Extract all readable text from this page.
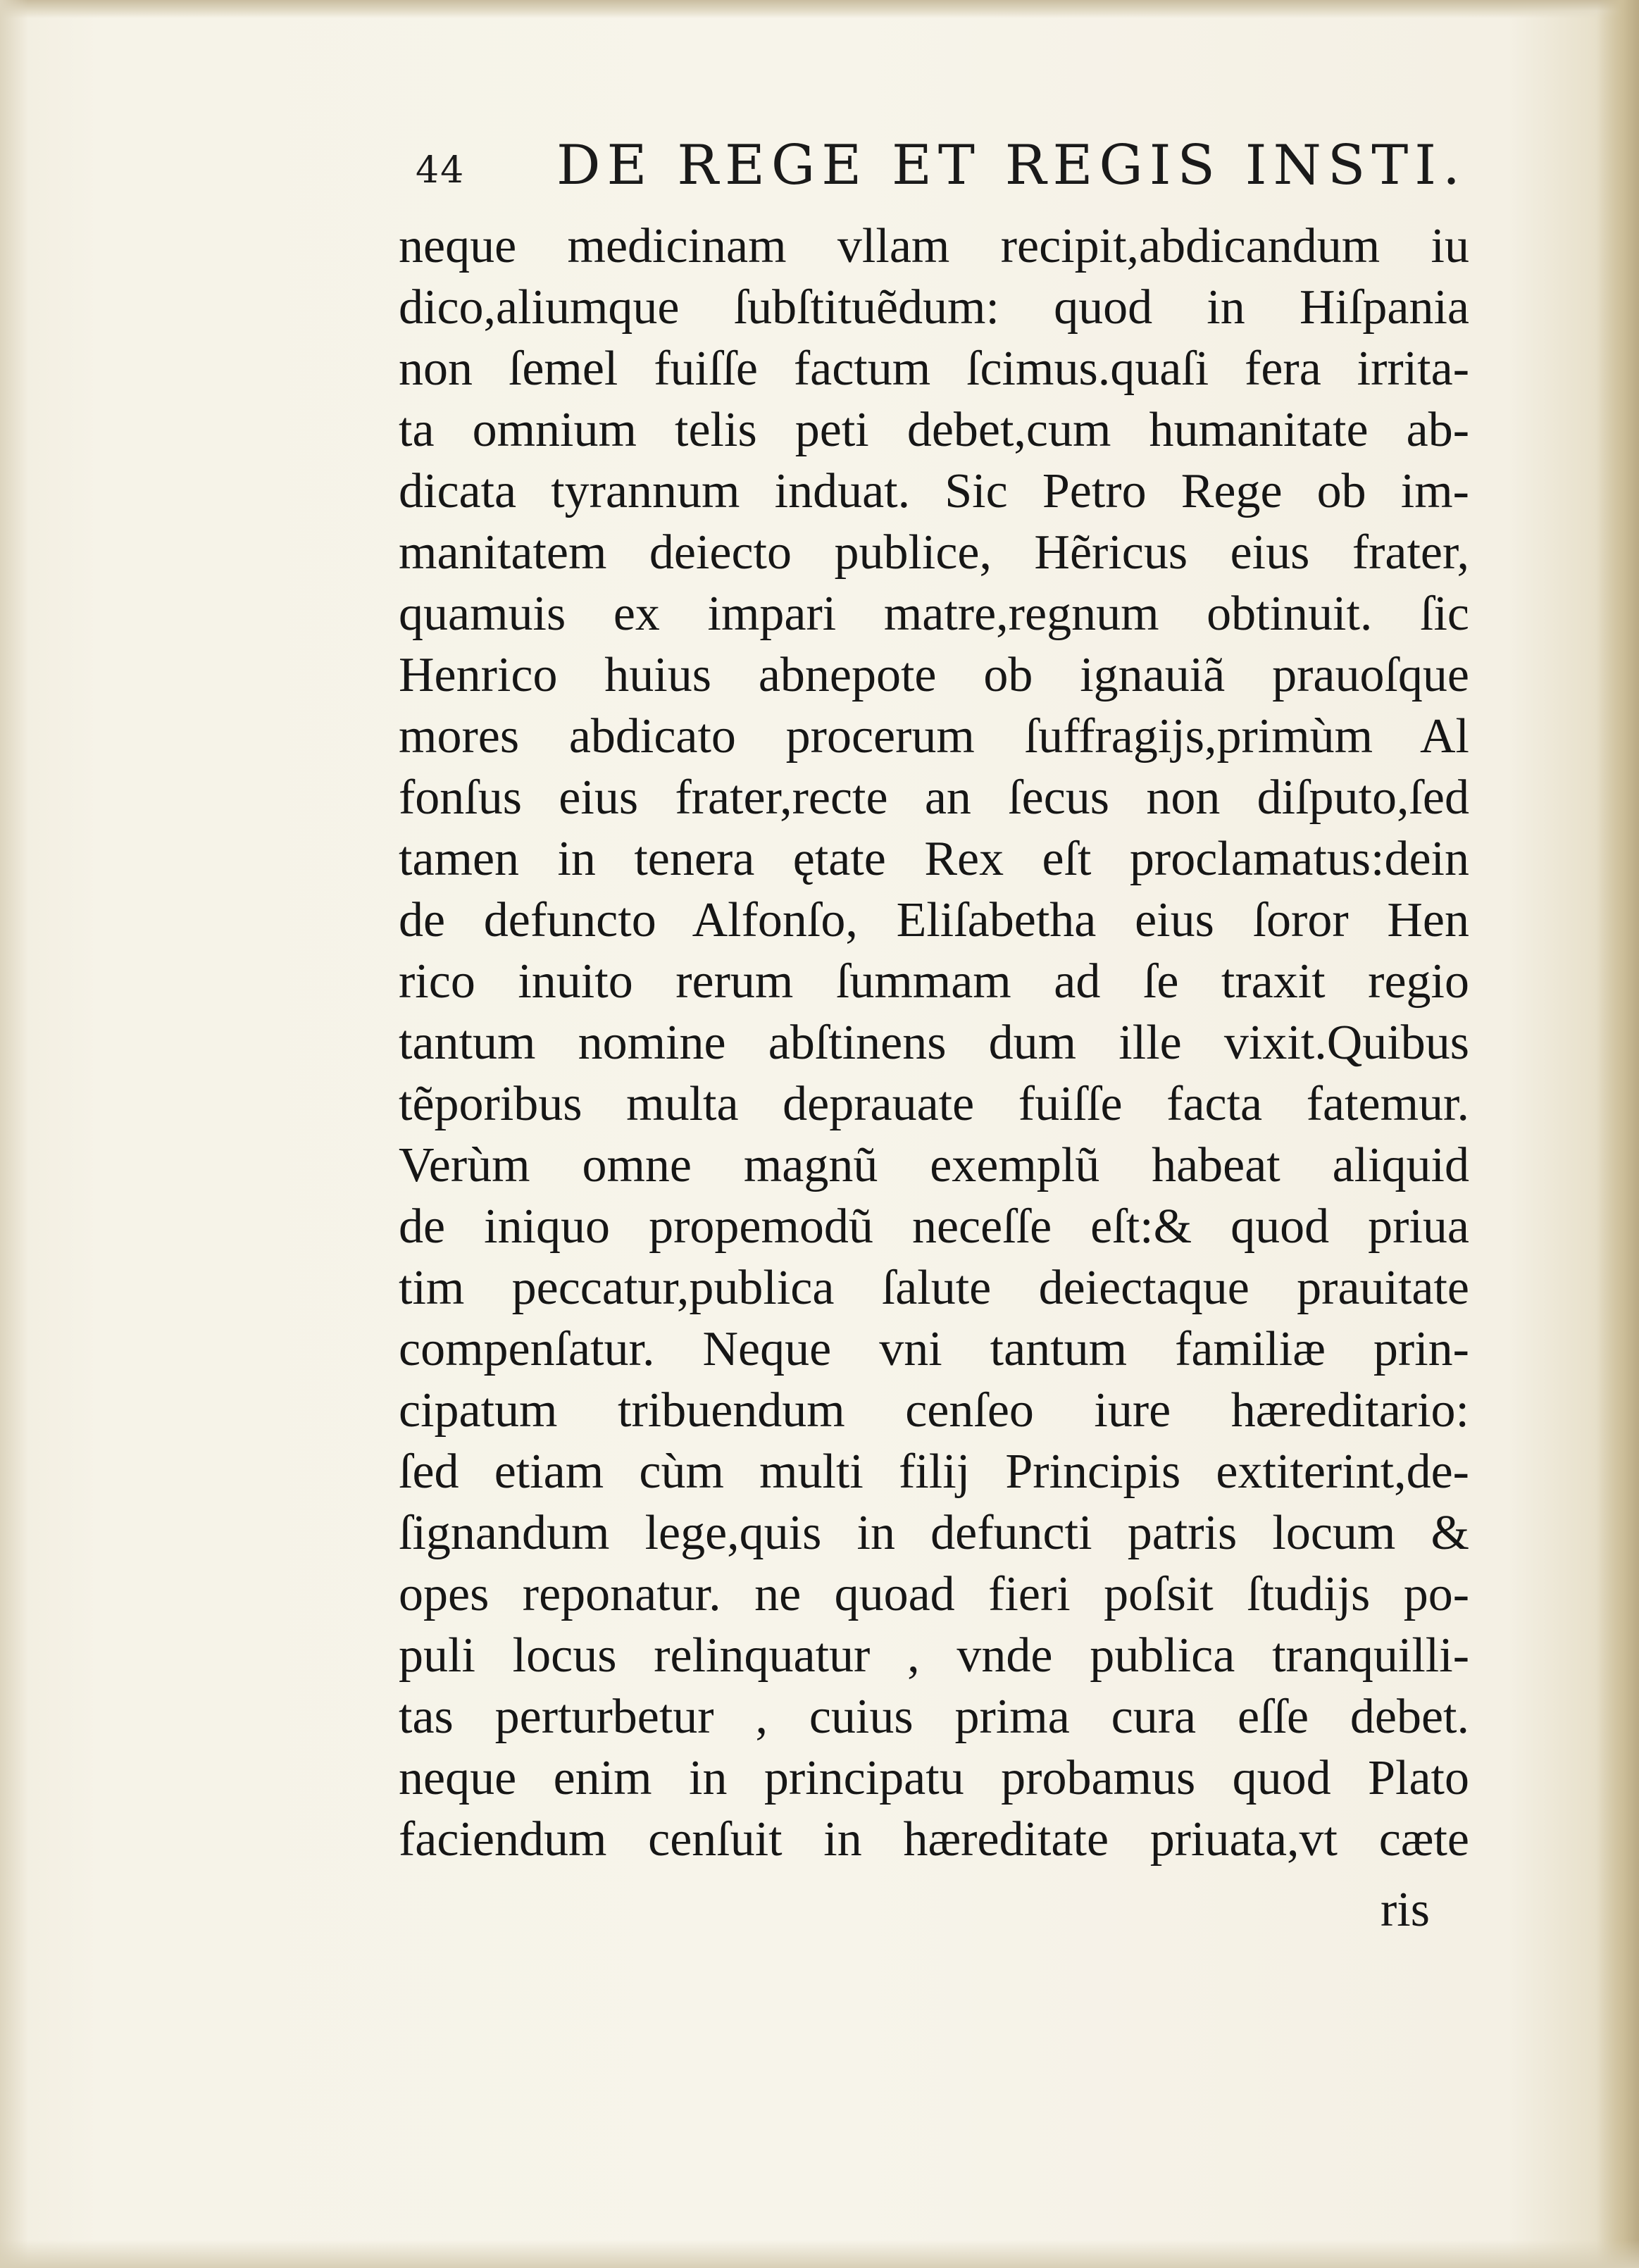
44 DE REGE ET REGIS INSTI.
neque medicinam vllam recipit,abdicandum iu
dico,aliumque ſubſtituẽdum: quod in Hiſpania
non ſemel fuiſſe factum ſcimus.quaſi fera irrita-
ta omnium telis peti debet,cum humanitate ab-
dicata tyrannum induat. Sic Petro Rege ob im-
manitatem deiecto publice, Hẽricus eius frater,
quamuis ex impari matre,regnum obtinuit. ſic
Henrico huius abnepote ob ignauiã prauoſque
mores abdicato procerum ſuffragijs,primùm Al
fonſus eius frater,recte an ſecus non diſputo,ſed
tamen in tenera ętate Rex eſt proclamatus:dein
de defuncto Alfonſo, Eliſabetha eius ſoror Hen
rico inuito rerum ſummam ad ſe traxit regio
tantum nomine abſtinens dum ille vixit.Quibus
tẽporibus multa deprauate fuiſſe facta fatemur.
Verùm omne magnũ exemplũ habeat aliquid
de iniquo propemodũ neceſſe eſt:& quod priua
tim peccatur,publica ſalute deiectaque prauitate
compenſatur. Neque vni tantum familiæ prin-
cipatum tribuendum cenſeo iure hæreditario:
ſed etiam cùm multi filij Principis extiterint,de-
ſignandum lege,quis in defuncti patris locum &
opes reponatur. ne quoad fieri poſsit ſtudijs po-
puli locus relinquatur , vnde publica tranquilli-
tas perturbetur , cuius prima cura eſſe debet.
neque enim in principatu probamus quod Plato
faciendum cenſuit in hæreditate priuata,vt cæte
ris
